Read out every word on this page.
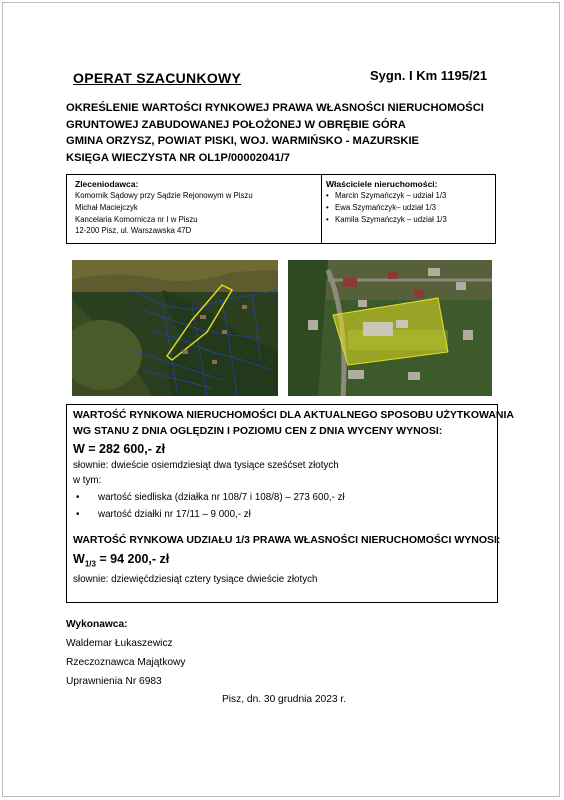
OPERAT SZACUNKOWY	Sygn. I Km 1195/21
OKREŚLENIE WARTOŚCI RYNKOWEJ PRAWA WŁASNOŚCI NIERUCHOMOŚCI
GRUNTOWEJ ZABUDOWANEJ POŁOŻONEJ W OBRĘBIE GÓRA
GMINA ORZYSZ, POWIAT PISKI, WOJ. WARMIŃSKO - MAZURSKIE
KSIĘGA WIECZYSTA NR OL1P/00002041/7
Zleceniodawca:
Komornik Sądowy przy Sądzie Rejonowym w Piszu
Michał Maciejczyk
Kancelaria Komornicza nr I w Piszu
12-200 Pisz, ul. Warszawska 47D
Właściciele nieruchomości:
• Marcin Szymańczyk – udział 1/3
• Ewa Szymańczyk– udział 1/3
• Kamila Szymańczyk – udział 1/3
WARTOŚĆ RYNKOWA NIERUCHOMOŚCI DLA AKTUALNEGO SPOSOBU UŻYTKOWANIA
WG STANU Z DNIA OGLĘDZIN I POZIOMU CEN Z DNIA WYCENY WYNOSI:
W = 282 600,- zł
słownie: dwieście osiemdziesiąt dwa tysiące sześćset złotych
w tym:
• wartość siedliska (działka nr 108/7 i 108/8) – 273 600,- zł
• wartość działki nr 17/11 – 9 000,- zł
WARTOŚĆ RYNKOWA UDZIAŁU 1/3 PRAWA WŁASNOŚCI NIERUCHOMOŚCI WYNOSI:
$W_{1/3} = 94$ 200,- zł
słownie: dziewięćdziesiąt cztery tysiące dwieście złotych
Wykonawca:
Waldemar Łukaszewicz
Rzeczoznawca Majątkowy
Uprawnienia Nr 6983
Pisz, dn. 30 grudnia 2023 r.
